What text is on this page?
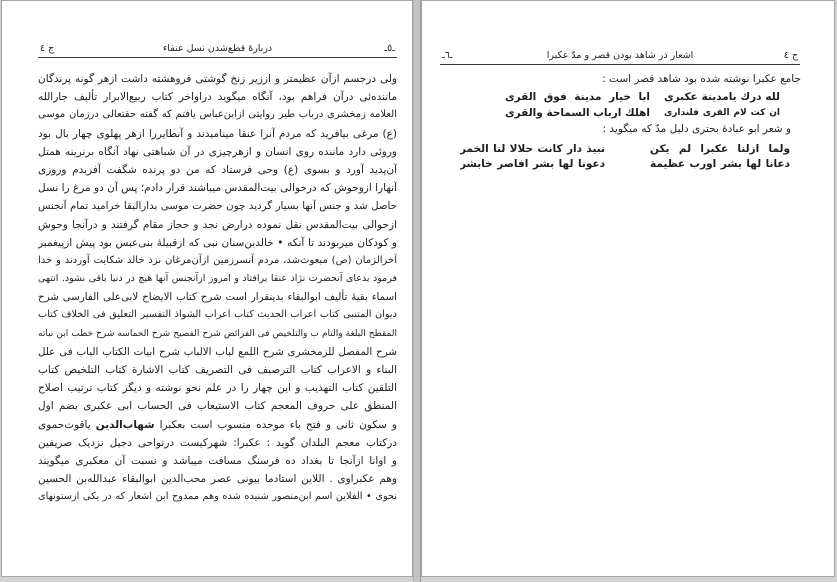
ج ٤	دربارهٔ قطع‌شدن نسل عنقاء	ـ٥ـ
ولی درجسم ازآن عظیمتر و اززیر زنخ گوشتی فروهشته داشت ازهر گونه پرندگان
ماننده‌ئی درآن فراهم بود، آنگاه میگوید دراواخر کتاب ربیع‌الابرار تألیف جارالله
العلامه زمخشری درباب طیر روایتی ازابن‌عباس یافتم که گفته حقتعالی درزمان موسی
(ع) مرغی بیافرید که مردم آنرا عنقا مینامیدند و آنطایررا ازهر پهلوی چهار بال بود
وروئی دارد ماننده روی انسان و ازهرچیزی در آن شباهتی نهاد آنگاه برنرینه همتل
آن‌پدید آورد و بسوی (ع) وحی فرستاد که من دو پرنده شگفت آفریدم وروزی
آنهارا ازوحوش که درحوالی بیت‌المقدس میباشند قرار دادم؛ پس آن دو مرغ را نسل
حاصل شد و جنس آنها بسیار گردید چون حضرت موسی بدارالبقا خرامید تمام آنجنس
ازحوالی بیت‌المقدس نقل نموده درارض نجد و حجاز مقام گرفتند و درآنجا وحوش
و کودکان میربودند تا آنکه • خالدبن‌سنان نبی که ازقبیلهٔ بنی‌عبس بود پیش ازپیغمبر
آخرالزمان (ص) مبعوث‌شد، مردم آنسرزمین ازآن‌مرغان نزد خالد شکایت آوردند و خدا
فرمود بدعای آنحضرت نژاد عنقا برافتاد و امروز ازآنجنس آنها هیچ در دنیا باقی نشود. انتهی
اسماء بقیهٔ تألیف ابوالبقاء بدینقرار است شرح کتاب الایضاح لابی‌علی الفارسی شرح
دیوان المتنبی کتاب اعراب الحدیث کتاب اعراب الشواذ التفسیر التعلیق فی الخلاف کتاب
المقطح البلغة والتام ب والتلخیص فی الفرائض شرح الفصیح شرح الحماسه شرح خطب ابن نباته
شرح المفصل للزمخشری شرح اللمع لباب الالباب شرح ابیات الکتاب الباب فی علل
البناء و الاعراب کتاب الترصیف فی التصریف کتاب الاشارة کتاب التلخیص کتاب
التلقین کتاب التهذیب و این چهار را در علم نحو نوشته و دیگر کتاب ترتیب اصلاح
المنطق علی حروف المعجم کتاب الاستیعاب فی الحساب ابی عکبری بضم اول
و سکون ثانی و فتح باء موحده منسوب است بعکبرا شهاب‌الدین یاقوت‌حموی
درکتاب معجم البلدان گوید : عکبرا: شهرکیست درنواحی دجیل نزدیک صریفین
و اوانا ازآنجا تا بغداد ده فرسنگ مسافت میباشد و نسبت آن معکبری میگویند
وهم عکبراوی . اللاین استادما بیونی عصر محب‌الدین ابوالبقاء عبدالله‌بن الحسین
نحوی • الفلاین اسم ابن‌منصور شنیده شده وهم ممدوح ابن اشعار که در یکی ازستونهای
ـ٦ـ	اشعار در شاهد بودن قصر و مدّ عکبرا	ج ٤
جامع عکبرا نوشته شده بود شاهد قصر است :
لله درك يامدينة عكبرى
ابا خيار مدينة فوق القرى
ان كت لام القرى فلندارى
اهلك ارباب السماحة والقرى
و شعر ابو عبادهٔ بحتری دلیل مدّ که میگوید :
ولما ازلنا عكبرا لم يكن
نبيذ دار كانت حلالا لنا الخمر
دعانا لها بشر اورب عظيمة
دعونا لها بشر افاصر خابشر
